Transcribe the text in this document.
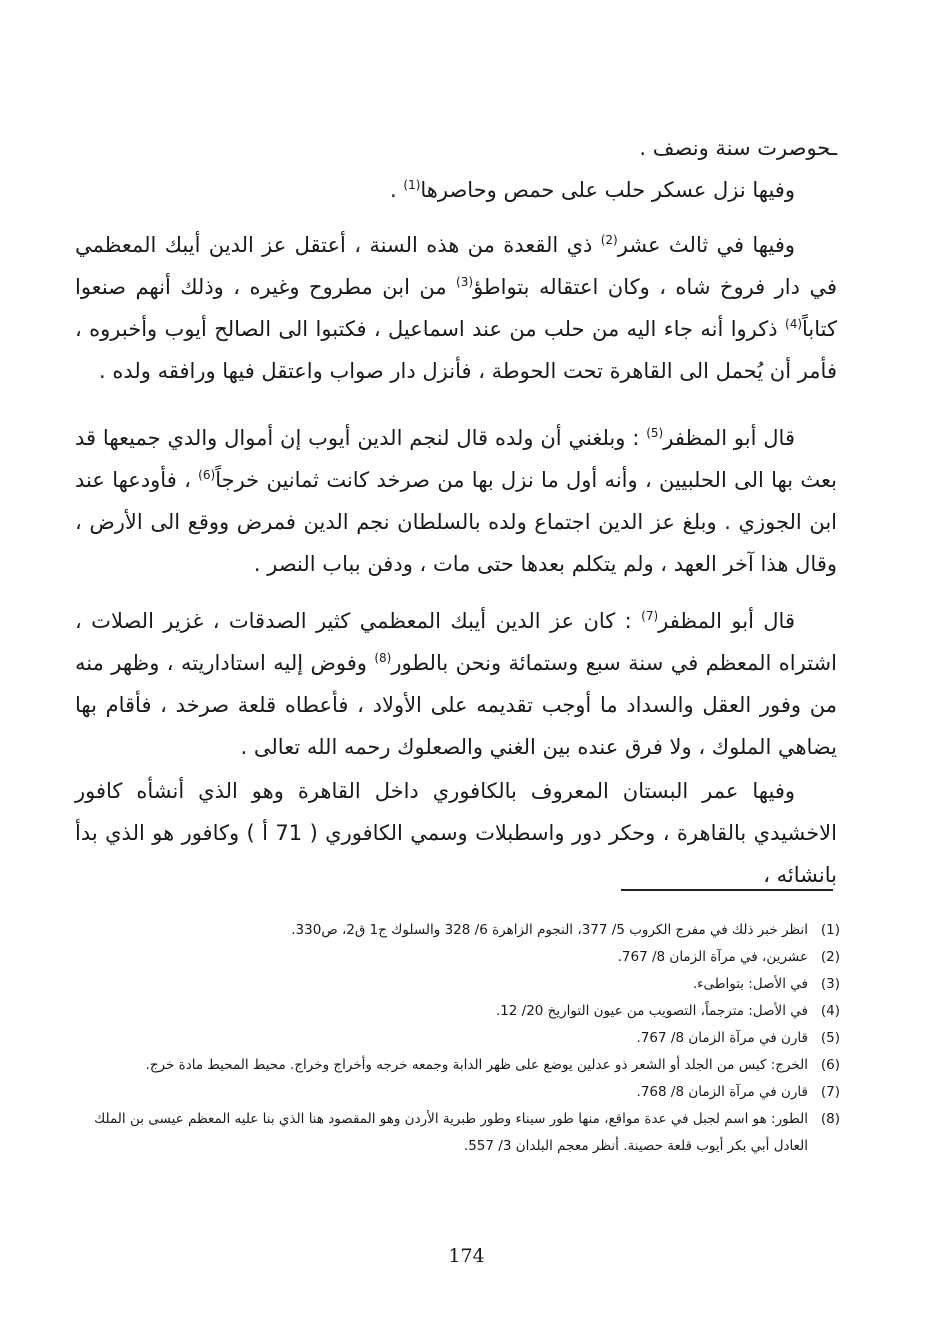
ـحوصرت سنة ونصف .

وفيها نزل عسكر حلب على حمص وحاصرها$^{(1)}$ .

وفيها في ثالث عشر$^{(2)}$ ذي القعدة من هذه السنة ، أعتقل عز الدين أيبك المعظمي في دار فروخ شاه ، وكان اعتقاله بتواطؤ$^{(3)}$ من ابن مطروح وغيره ، وذلك أنهم صنعوا كتاباً$^{(4)}$ ذكروا أنه جاء اليه من حلب من عند اسماعيل ، فكتبوا الى الصالح أيوب وأخبروه ، فأمر أن يُحمل الى القاهرة تحت الحوطة ، فأنزل دار صواب واعتقل فيها ورافقه ولده .

قال أبو المظفر$^{(5)}$ : وبلغني أن ولده قال لنجم الدين أيوب إن أموال والدي جميعها قد بعث بها الى الحلبيين ، وأنه أول ما نزل بها من صرخد كانت ثمانين خرجاً$^{(6)}$ ، فأودعها عند ابن الجوزي . وبلغ عز الدين اجتماع ولده بالسلطان نجم الدين فمرض ووقع الى الأرض ، وقال هذا آخر العهد ، ولم يتكلم بعدها حتى مات ، ودفن بباب النصر .

قال أبو المظفر$^{(7)}$ : كان عز الدين أيبك المعظمي كثير الصدقات ، غزير الصلات ، اشتراه المعظم في سنة سبع وستمائة ونحن بالطور$^{(8)}$ وفوض إليه استاداريته ، وظهر منه من وفور العقل والسداد ما أوجب تقديمه على الأولاد ، فأعطاه قلعة صرخد ، فأقام بها يضاهي الملوك ، ولا فرق عنده بين الغني والصعلوك رحمه الله تعالى .

وفيها عمر البستان المعروف بالكافوري داخل القاهرة وهو الذي أنشأه كافور الاخشيدي بالقاهرة ، وحكر دور واسطبلات وسمي الكافوري ( 71 أ ) وكافور هو الذي بدأ بانشائه ،

(1)
انظر خبر ذلك في مفرج الكروب 5/ 377، النجوم الزاهرة 6/ 328 والسلوك ج1 ق2، ص330.
(2)
عشرين، في مرآة الزمان 8/ 767.
(3)
في الأصل: بتواطىء.
(4)
في الأصل: مترجماً، التصويب من عيون التواريخ 20/ 12.
(5)
قارن في مرآة الزمان 8/ 767.
(6)
الخرج: كيس من الجلد أو الشعر ذو عدلين يوضع على ظهر الدابة وجمعه خرجه وأخراج وخراج. محيط المحيط مادة خرج.
(7)
قارن في مرآة الزمان 8/ 768.
(8)
الطور: هو اسم لجبل في عدة مواقع، منها طور سيناء وطور طبرية الأردن وهو المقصود هنا الذي بنا عليه المعظم عيسى بن الملك العادل أبي بكر أيوب قلعة حصينة. أنظر معجم البلدان 3/ 557.
174
